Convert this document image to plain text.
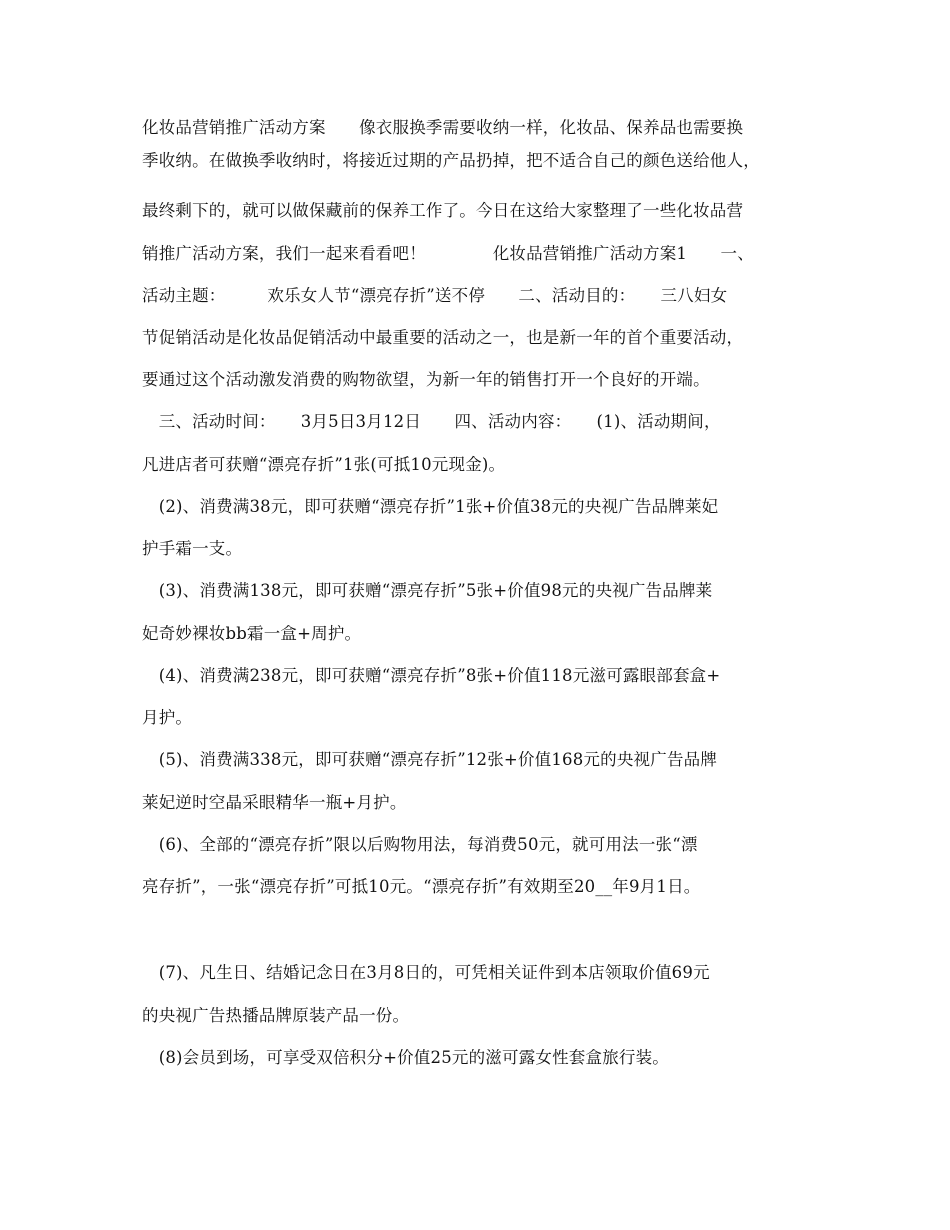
化妆品营销推广活动方案　　像衣服换季需要收纳一样，化妆品、保养品也需要换
季收纳。在做换季收纳时，将接近过期的产品扔掉，把不适合自己的颜色送给他人，
最终剩下的，就可以做保藏前的保养工作了。今日在这给大家整理了一些化妆品营
销推广活动方案，我们一起来看看吧！　　　　化妆品营销推广活动方案1　　一、
活动主题：　　　欢乐女人节“漂亮存折”送不停　　二、活动目的：　　三八妇女
节促销活动是化妆品促销活动中最重要的活动之一，也是新一年的首个重要活动，
要通过这个活动激发消费的购物欲望，为新一年的销售打开一个良好的开端。
　三、活动时间：　　3月5日3月12日　　四、活动内容：　　(1)、活动期间，
凡进店者可获赠“漂亮存折”1张(可抵10元现金)。
　(2)、消费满38元，即可获赠“漂亮存折”1张+价值38元的央视广告品牌莱妃
护手霜一支。
　(3)、消费满138元，即可获赠“漂亮存折”5张+价值98元的央视广告品牌莱
妃奇妙裸妆bb霜一盒+周护。
　(4)、消费满238元，即可获赠“漂亮存折”8张+价值118元滋可露眼部套盒+
月护。
　(5)、消费满338元，即可获赠“漂亮存折”12张+价值168元的央视广告品牌
莱妃逆时空晶采眼精华一瓶+月护。
　(6)、全部的“漂亮存折”限以后购物用法，每消费50元，就可用法一张“漂
亮存折”，一张“漂亮存折”可抵10元。“漂亮存折”有效期至20__年9月1日。
　(7)、凡生日、结婚记念日在3月8日的，可凭相关证件到本店领取价值69元
的央视广告热播品牌原装产品一份。
　(8)会员到场，可享受双倍积分+价值25元的滋可露女性套盒旅行装。
